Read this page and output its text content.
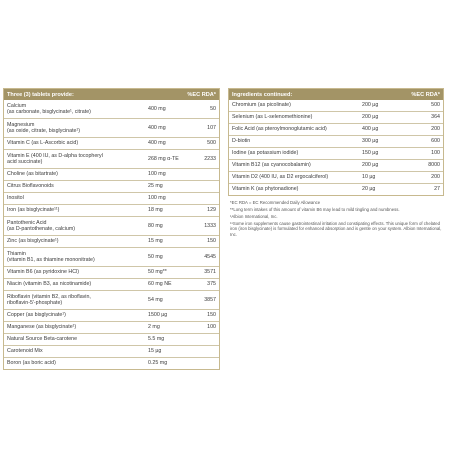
Three (3) tablets provide:	%EC RDA*
Calcium
(as carbonate, bisglycinate¹, citrate)
400 mg	50
Magnesium
(as oxide, citrate, bisglycinate¹)
400 mg	107
Vitamin C (as L-Ascorbic acid)	400 mg	500
Vitamin E (400 IU, as D-alpha tocopheryl
acid succinate)
268 mg α-TE	2233
Choline (as bitartrate)	100 mg
Citrus Bioflavonoids	25 mg
Inositol	100 mg
Iron (as bisglycinate¹¹)	18 mg	129
Pantothenic Acid
(as D-pantothenate, calcium)
80 mg	1333
Zinc (as bisglycinate¹)	15 mg	150
Thiamin
(vitamin B1, as thiamine mononitrate)
50 mg	4545
Vitamin B6 (as pyridoxine HCl)	50 mg**	3571
Niacin (vitamin B3, as nicotinamide)	60 mg NE	375
Riboflavin (vitamin B2, as riboflavin,
riboflavin-5'-phosphate)
54 mg	3857
Copper (as bisglycinate¹)	1500 µg	150
Manganese (as bisglycinate¹)	2 mg	100
Natural Source Beta-carotene	5.5 mg
Carotenoid Mix	15 µg
Boron (as boric acid)	0.25 mg
Ingredients continued:	%EC RDA*
Chromium (as picolinate)	200 µg	500
Selenium (as L-selenomethionine)	200 µg	364
Folic Acid (as pteroylmonoglutamic acid)	400 µg	200
D-biotin	300 µg	600
Iodine (as potassium iodide)	150 µg	100
Vitamin B12 (as cyanocobalamin)	200 µg	8000
Vitamin D2 (400 IU, as D2 ergocalciferol)	10 µg	200
Vitamin K (as phytonadione)	20 µg	27

*EC RDA = EC Recommended Daily Allowance

**Long term intakes of this amount of vitamin B6 may lead to mild tingling and numbness.

¹Albion International, Inc.

¹¹Some iron supplements cause gastrointestinal irritation and constipating effects. This unique form of chelated iron (iron bisglycinate) is formulated for enhanced absorption and is gentle on your system. Albion International, Inc.
